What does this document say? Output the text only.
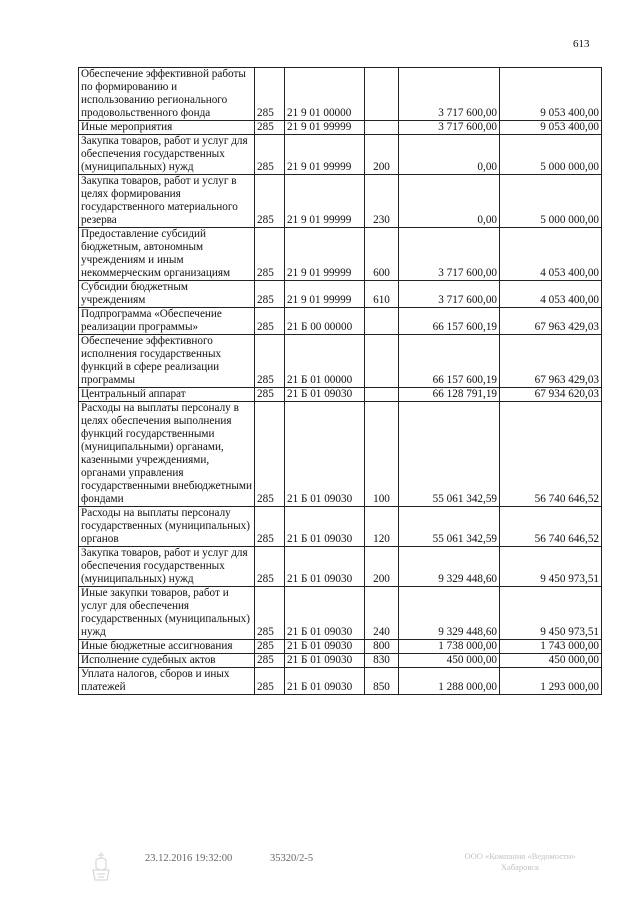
613
Обеспечение эффективной работы по формированию и использованию регионального продовольственного фонда	285	21 9 01 00000		3 717 600,00	9 053 400,00
Иные мероприятия	285	21 9 01 99999		3 717 600,00	9 053 400,00
Закупка товаров, работ и услуг для обеспечения государственных (муниципальных) нужд	285	21 9 01 99999	200	0,00	5 000 000,00
Закупка товаров, работ и услуг в целях формирования государственного материального резерва	285	21 9 01 99999	230	0,00	5 000 000,00
Предоставление субсидий бюджетным, автономным учреждениям и иным некоммерческим организациям	285	21 9 01 99999	600	3 717 600,00	4 053 400,00
Субсидии бюджетным учреждениям	285	21 9 01 99999	610	3 717 600,00	4 053 400,00
Подпрограмма «Обеспечение реализации программы»	285	21 Б 00 00000		66 157 600,19	67 963 429,03
Обеспечение эффективного исполнения государственных функций в сфере реализации программы	285	21 Б 01 00000		66 157 600,19	67 963 429,03
Центральный аппарат	285	21 Б 01 09030		66 128 791,19	67 934 620,03
Расходы на выплаты персоналу в целях обеспечения выполнения функций государственными (муниципальными) органами, казенными учреждениями, органами управления государственными внебюджетными фондами	285	21 Б 01 09030	100	55 061 342,59	56 740 646,52
Расходы на выплаты персоналу государственных (муниципальных) органов	285	21 Б 01 09030	120	55 061 342,59	56 740 646,52
Закупка товаров, работ и услуг для обеспечения государственных (муниципальных) нужд	285	21 Б 01 09030	200	9 329 448,60	9 450 973,51
Иные закупки товаров, работ и услуг для обеспечения государственных (муниципальных) нужд	285	21 Б 01 09030	240	9 329 448,60	9 450 973,51
Иные бюджетные ассигнования	285	21 Б 01 09030	800	1 738 000,00	1 743 000,00
Исполнение судебных актов	285	21 Б 01 09030	830	450 000,00	450 000,00
Уплата налогов, сборов и иных платежей	285	21 Б 01 09030	850	1 288 000,00	1 293 000,00
23.12.2016 19:32:00	35320/2-5	ООО «Компания «Ведомости» Хабаровск
